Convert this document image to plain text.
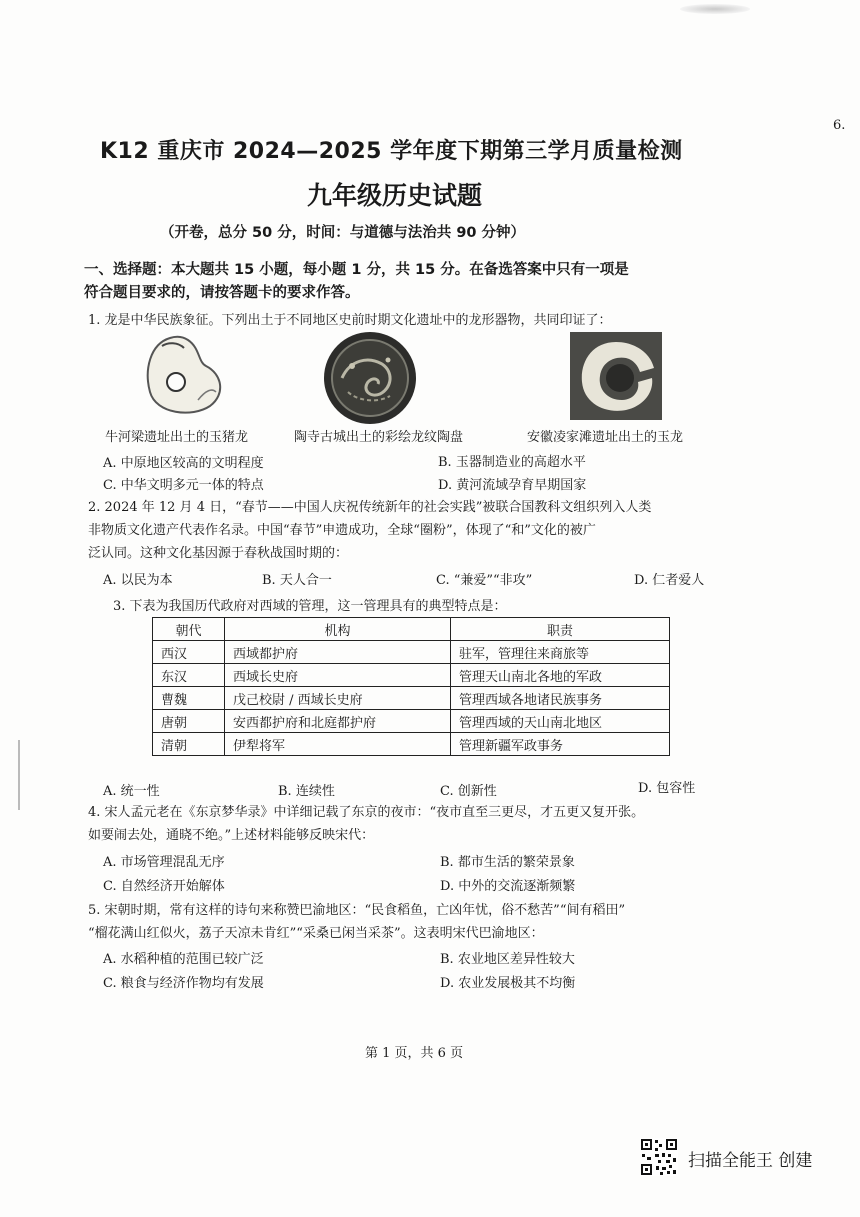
6.
K12 重庆市 2024—2025 学年度下期第三学月质量检测
九年级历史试题
（开卷，总分 50 分，时间：与道德与法治共 90 分钟）
一、选择题：本大题共 15 小题，每小题 1 分，共 15 分。在备选答案中只有一项是
符合题目要求的，请按答题卡的要求作答。
1. 龙是中华民族象征。下列出土于不同地区史前时期文化遗址中的龙形器物，共同印证了：
牛河梁遗址出土的玉猪龙	陶寺古城出土的彩绘龙纹陶盘	安徽凌家滩遗址出土的玉龙
A. 中原地区较高的文明程度	B. 玉器制造业的高超水平
C. 中华文明多元一体的特点	D. 黄河流域孕育早期国家
2. 2024 年 12 月 4 日，“春节——中国人庆祝传统新年的社会实践”被联合国教科文组织列入人类
非物质文化遗产代表作名录。中国“春节”申遗成功，全球“圈粉”，体现了“和”文化的被广
泛认同。这种文化基因源于春秋战国时期的：
A. 以民为本	B. 天人合一	C. “兼爱”“非攻”	D. 仁者爱人
3. 下表为我国历代政府对西域的管理，这一管理具有的典型特点是：
朝代	机构	职责
西汉	西域都护府	驻军，管理往来商旅等
东汉	西域长史府	管理天山南北各地的军政
曹魏	戊己校尉 / 西域长史府	管理西域各地诸民族事务
唐朝	安西都护府和北庭都护府	管理西域的天山南北地区
清朝	伊犁将军	管理新疆军政事务
A. 统一性	B. 连续性	C. 创新性	D. 包容性
4. 宋人孟元老在《东京梦华录》中详细记载了东京的夜市：“夜市直至三更尽，才五更又复开张。
如要闹去处，通晓不绝。”上述材料能够反映宋代：
A. 市场管理混乱无序	B. 都市生活的繁荣景象
C. 自然经济开始解体	D. 中外的交流逐渐频繁
5. 宋朝时期，常有这样的诗句来称赞巴渝地区：“民食稻鱼，亡凶年忧，俗不愁苦”“间有稻田”
“榴花满山红似火，荔子天凉未肯红”“采桑已闲当采茶”。这表明宋代巴渝地区：
A. 水稻种植的范围已较广泛	B. 农业地区差异性较大
C. 粮食与经济作物均有发展	D. 农业发展极其不均衡
第 1 页，共 6 页
扫描全能王 创建
